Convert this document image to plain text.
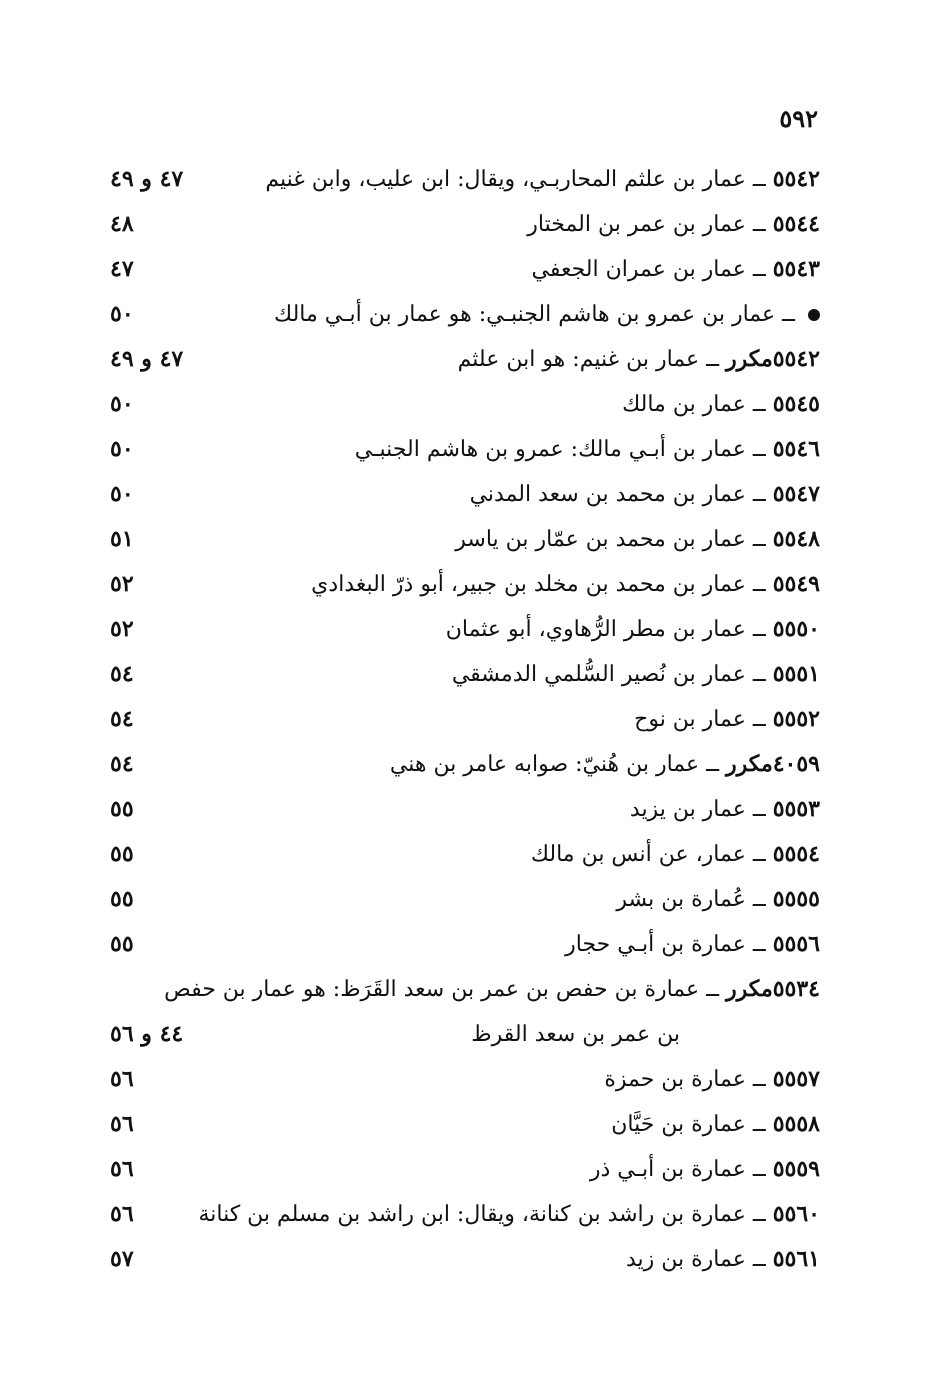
٥٩٢
٥٥٤٢ ــ عمار بن علثم المحاربـي، ويقال: ابن عليب، وابن غنيم
٤٧ و ٤٩
٥٥٤٤ ــ عمار بن عمر بن المختار
٤٨
٥٥٤٣ ــ عمار بن عمران الجعفي
٤٧
ــ عمار بن عمرو بن هاشم الجنبـي: هو عمار بن أبـي مالك
٥٠
٥٥٤٢مكرر ــ عمار بن غنيم: هو ابن علثم
٤٧ و ٤٩
٥٥٤٥ ــ عمار بن مالك
٥٠
٥٥٤٦ ــ عمار بن أبـي مالك: عمرو بن هاشم الجنبـي
٥٠
٥٥٤٧ ــ عمار بن محمد بن سعد المدني
٥٠
٥٥٤٨ ــ عمار بن محمد بن عمّار بن ياسر
٥١
٥٥٤٩ ــ عمار بن محمد بن مخلد بن جبير، أبو ذرّ البغدادي
٥٢
٥٥٥٠ ــ عمار بن مطر الرُّهاوي، أبو عثمان
٥٢
٥٥٥١ ــ عمار بن نُصير السُّلمي الدمشقي
٥٤
٥٥٥٢ ــ عمار بن نوح
٥٤
٤٠٥٩مكرر ــ عمار بن هُنيّ: صوابه عامر بن هني
٥٤
٥٥٥٣ ــ عمار بن يزيد
٥٥
٥٥٥٤ ــ عمار، عن أنس بن مالك
٥٥
٥٥٥٥ ــ عُمارة بن بشر
٥٥
٥٥٥٦ ــ عمارة بن أبـي حجار
٥٥
٥٥٣٤مكرر ــ عمارة بن حفص بن عمر بن سعد القَرَظ: هو عمار بن حفص
بن عمر بن سعد القرظ
٤٤ و ٥٦
٥٥٥٧ ــ عمارة بن حمزة
٥٦
٥٥٥٨ ــ عمارة بن حَيَّان
٥٦
٥٥٥٩ ــ عمارة بن أبـي ذر
٥٦
٥٥٦٠ ــ عمارة بن راشد بن كنانة، ويقال: ابن راشد بن مسلم بن كنانة
٥٦
٥٥٦١ ــ عمارة بن زيد
٥٧
